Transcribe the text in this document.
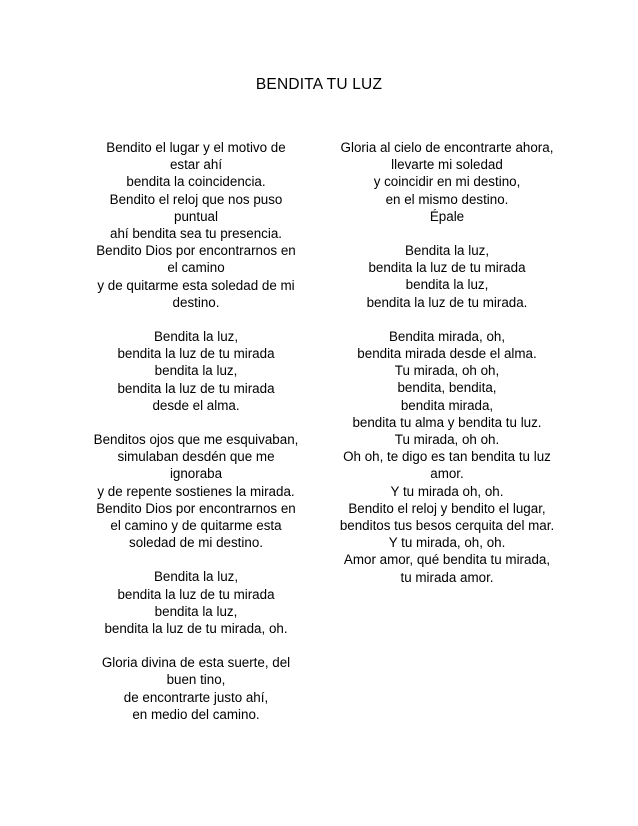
BENDITA TU LUZ

Bendito el lugar y el motivo de estar ahí
bendita la coincidencia.
Bendito el reloj que nos puso puntual
ahí bendita sea tu presencia.
Bendito Dios por encontrarnos en el camino
y de quitarme esta soledad de mi destino.

Bendita la luz,
bendita la luz de tu mirada
bendita la luz,
bendita la luz de tu mirada
desde el alma.

Benditos ojos que me esquivaban,
simulaban desdén que me ignoraba
y de repente sostienes la mirada.
Bendito Dios por encontrarnos en el camino y de quitarme esta soledad de mi destino.

Bendita la luz,
bendita la luz de tu mirada
bendita la luz,
bendita la luz de tu mirada, oh.

Gloria divina de esta suerte, del buen tino,
de encontrarte justo ahí,
en medio del camino.

Gloria al cielo de encontrarte ahora,
llevarte mi soledad
y coincidir en mi destino,
en el mismo destino.
Épale

Bendita la luz,
bendita la luz de tu mirada
bendita la luz,
bendita la luz de tu mirada.

Bendita mirada, oh,
bendita mirada desde el alma.
Tu mirada, oh oh,
bendita, bendita,
bendita mirada,
bendita tu alma y bendita tu luz.
Tu mirada, oh oh.
Oh oh, te digo es tan bendita tu luz amor.
Y tu mirada oh, oh.
Bendito el reloj y bendito el lugar,
benditos tus besos cerquita del mar.
Y tu mirada, oh, oh.
Amor amor, qué bendita tu mirada,
tu mirada amor.
